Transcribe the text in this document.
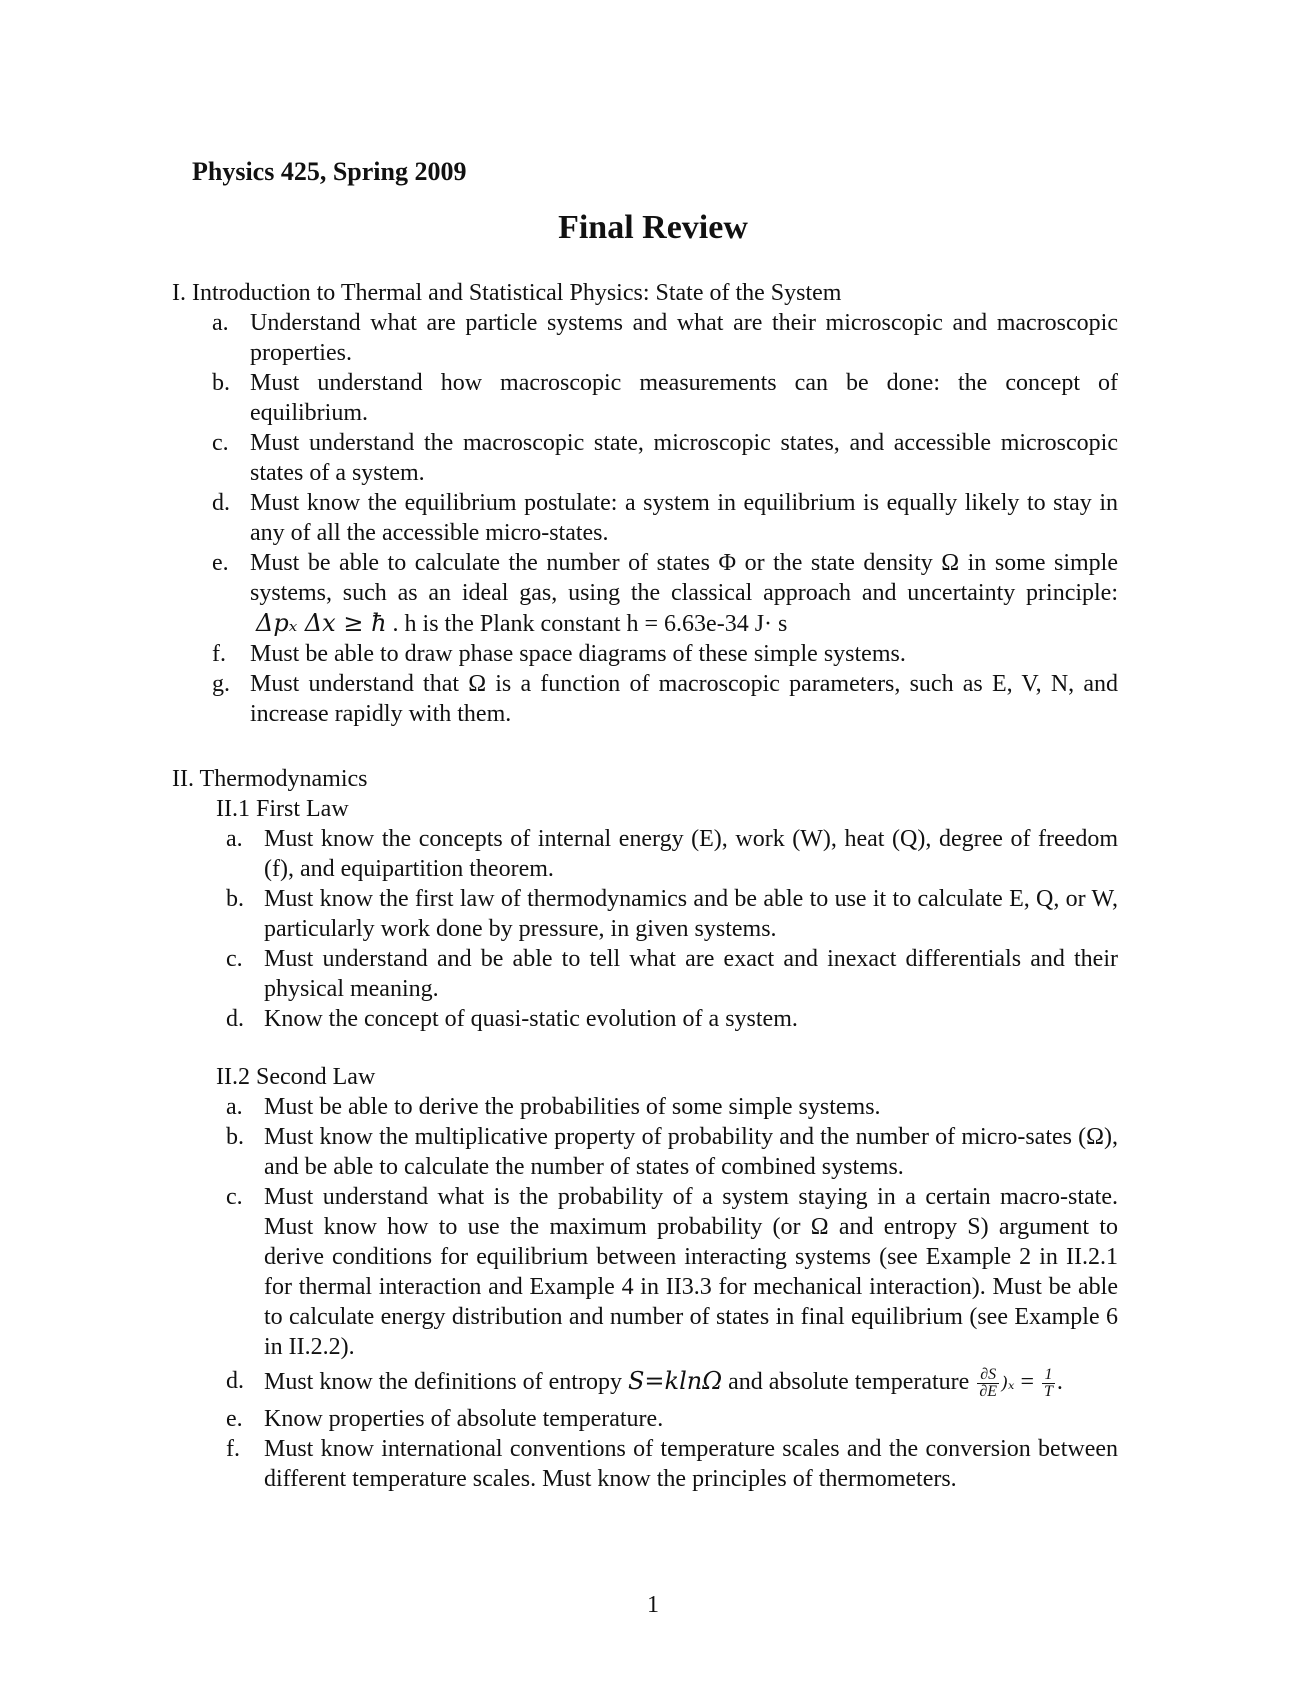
Physics 425, Spring 2009
Final Review
I. Introduction to Thermal and Statistical Physics: State of the System
a. Understand what are particle systems and what are their microscopic and macroscopic properties.
b. Must understand how macroscopic measurements can be done: the concept of equilibrium.
c. Must understand the macroscopic state, microscopic states, and accessible microscopic states of a system.
d. Must know the equilibrium postulate: a system in equilibrium is equally likely to stay in any of all the accessible micro-states.
e. Must be able to calculate the number of states Φ or the state density Ω in some simple systems, such as an ideal gas, using the classical approach and uncertainty principle: Δpₓ Δx ≥ ħ . h is the Plank constant h = 6.63e-34 J· s
f. Must be able to draw phase space diagrams of these simple systems.
g. Must understand that Ω is a function of macroscopic parameters, such as E, V, N, and increase rapidly with them.
II. Thermodynamics
II.1 First Law
a. Must know the concepts of internal energy (E), work (W), heat (Q), degree of freedom (f), and equipartition theorem.
b. Must know the first law of thermodynamics and be able to use it to calculate E, Q, or W, particularly work done by pressure, in given systems.
c. Must understand and be able to tell what are exact and inexact differentials and their physical meaning.
d. Know the concept of quasi-static evolution of a system.
II.2 Second Law
a. Must be able to derive the probabilities of some simple systems.
b. Must know the multiplicative property of probability and the number of micro-sates (Ω), and be able to calculate the number of states of combined systems.
c. Must understand what is the probability of a system staying in a certain macro-state. Must know how to use the maximum probability (or Ω and entropy S) argument to derive conditions for equilibrium between interacting systems (see Example 2 in II.2.1 for thermal interaction and Example 4 in II3.3 for mechanical interaction). Must be able to calculate energy distribution and number of states in final equilibrium (see Example 6 in II.2.2).
d. Must know the definitions of entropy S=klnΩ and absolute temperature $\frac{\partial S}{\partial E} )_x = \frac{1}{T}$ .
e. Know properties of absolute temperature.
f. Must know international conventions of temperature scales and the conversion between different temperature scales. Must know the principles of thermometers.
1
